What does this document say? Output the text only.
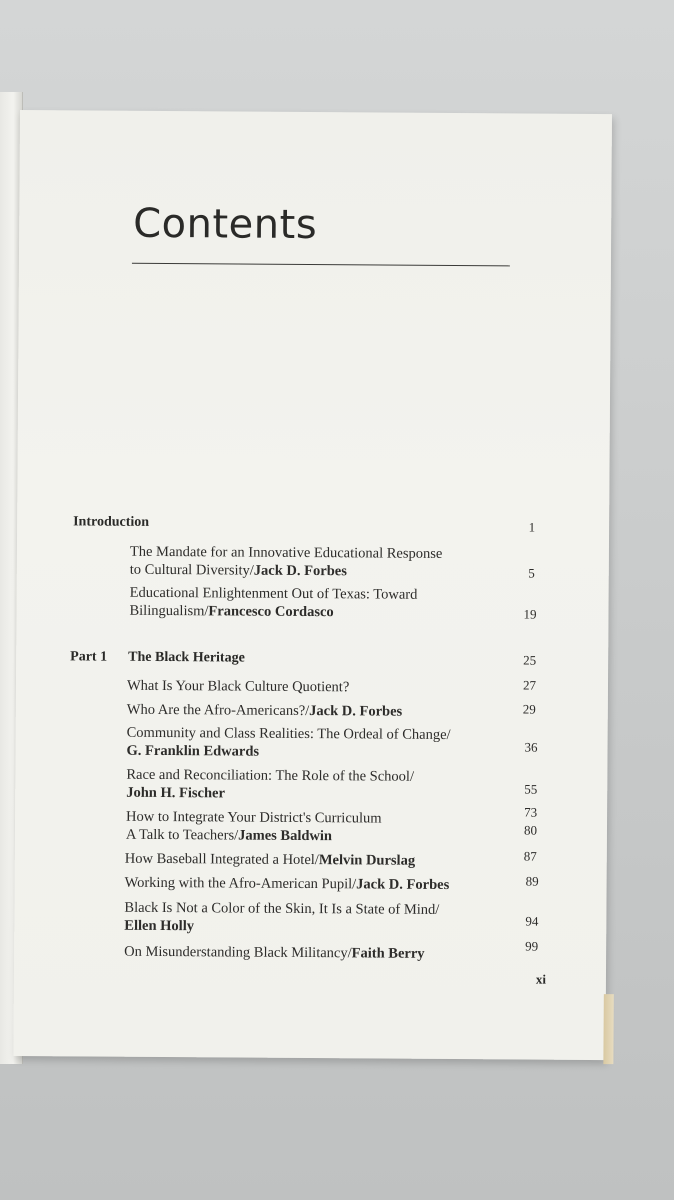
Contents
Introduction	1
The Mandate for an Innovative Educational Response
to Cultural Diversity/Jack D. Forbes	5
Educational Enlightenment Out of Texas: Toward
Bilingualism/Francesco Cordasco	19
Part 1 The Black Heritage	25
What Is Your Black Culture Quotient?	27
Who Are the Afro-Americans?/Jack D. Forbes	29
Community and Class Realities: The Ordeal of Change/
G. Franklin Edwards	36
Race and Reconciliation: The Role of the School/
John H. Fischer	55
How to Integrate Your District's Curriculum	73
A Talk to Teachers/James Baldwin	80
How Baseball Integrated a Hotel/Melvin Durslag	87
Working with the Afro-American Pupil/Jack D. Forbes	89
Black Is Not a Color of the Skin, It Is a State of Mind/
Ellen Holly	94
On Misunderstanding Black Militancy/Faith Berry	99
xi
